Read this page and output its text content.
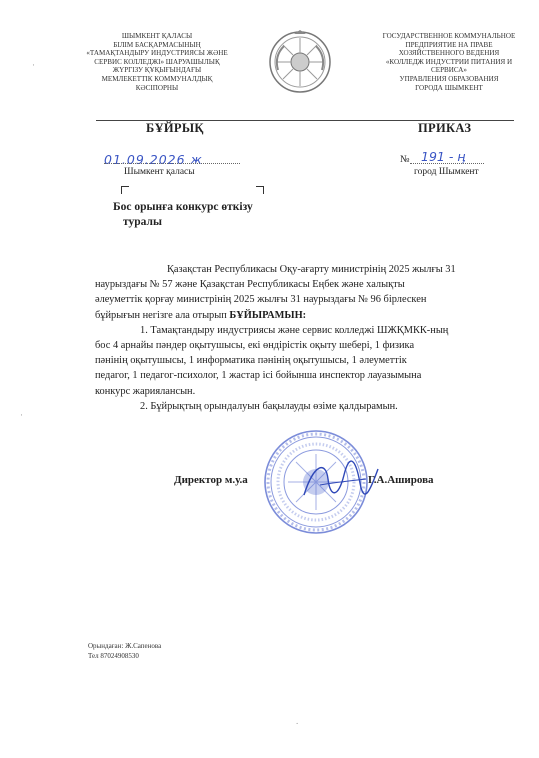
ШЫМКЕНТ ҚАЛАСЫ
БІЛІМ БАСҚАРМАСЫНЫҢ
«ТАМАҚТАНДЫРУ ИНДУСТРИЯСЫ ЖӘНЕ
СЕРВИС КОЛЛЕДЖІ» ШАРУАШЫЛЫҚ
ЖҮРГІЗУ ҚҰҚЫҒЫНДАҒЫ
МЕМЛЕКЕТТІК КОММУНАЛДЫҚ
КӘСІПОРНЫ
ГОСУДАРСТВЕННОЕ КОММУНАЛЬНОЕ
ПРЕДПРИЯТИЕ НА ПРАВЕ
ХОЗЯЙСТВЕННОГО ВЕДЕНИЯ
«КОЛЛЕДЖ ИНДУСТРИИ ПИТАНИЯ И
СЕРВИСА»
УПРАВЛЕНИЯ ОБРАЗОВАНИЯ
ГОРОДА ШЫМКЕНТ
БҰЙРЫҚ	ПРИКАЗ
01.09.2026 ж	№ 191 - ӊ
Шымкент қаласы	город Шымкент
Бос орынға конкурс өткізу
туралы
Қазақстан Республикасы Оқу-ағарту министрінің 2025 жылғы 31
наурыздағы № 57 және Қазақстан Республикасы Еңбек және халықты
әлеуметтік қорғау министрінің 2025 жылғы 31 наурыздағы № 96 бірлескен
бұйрығын негізге ала отырып БҰЙЫРАМЫН:
1. Тамақтандыру индустриясы және сервис колледжі ШЖҚМКК-ның
бос 4 арнайы пәндер оқытушысы, екі өндірістік оқыту шебері, 1 физика
пәнінің оқытушысы, 1 информатика пәнінің оқытушысы, 1 әлеуметтік
педагог, 1 педагог-психолог, 1 жастар ісі бойынша инспектор лауазымына
конкурс жариялансын.
2. Бұйрықтың орындалуын бақылауды өзіме қалдырамын.
Директор м.у.а	Г.А.Аширова
Орындаған: Ж.Сапенова
Тел 87024908530
·
·
.
